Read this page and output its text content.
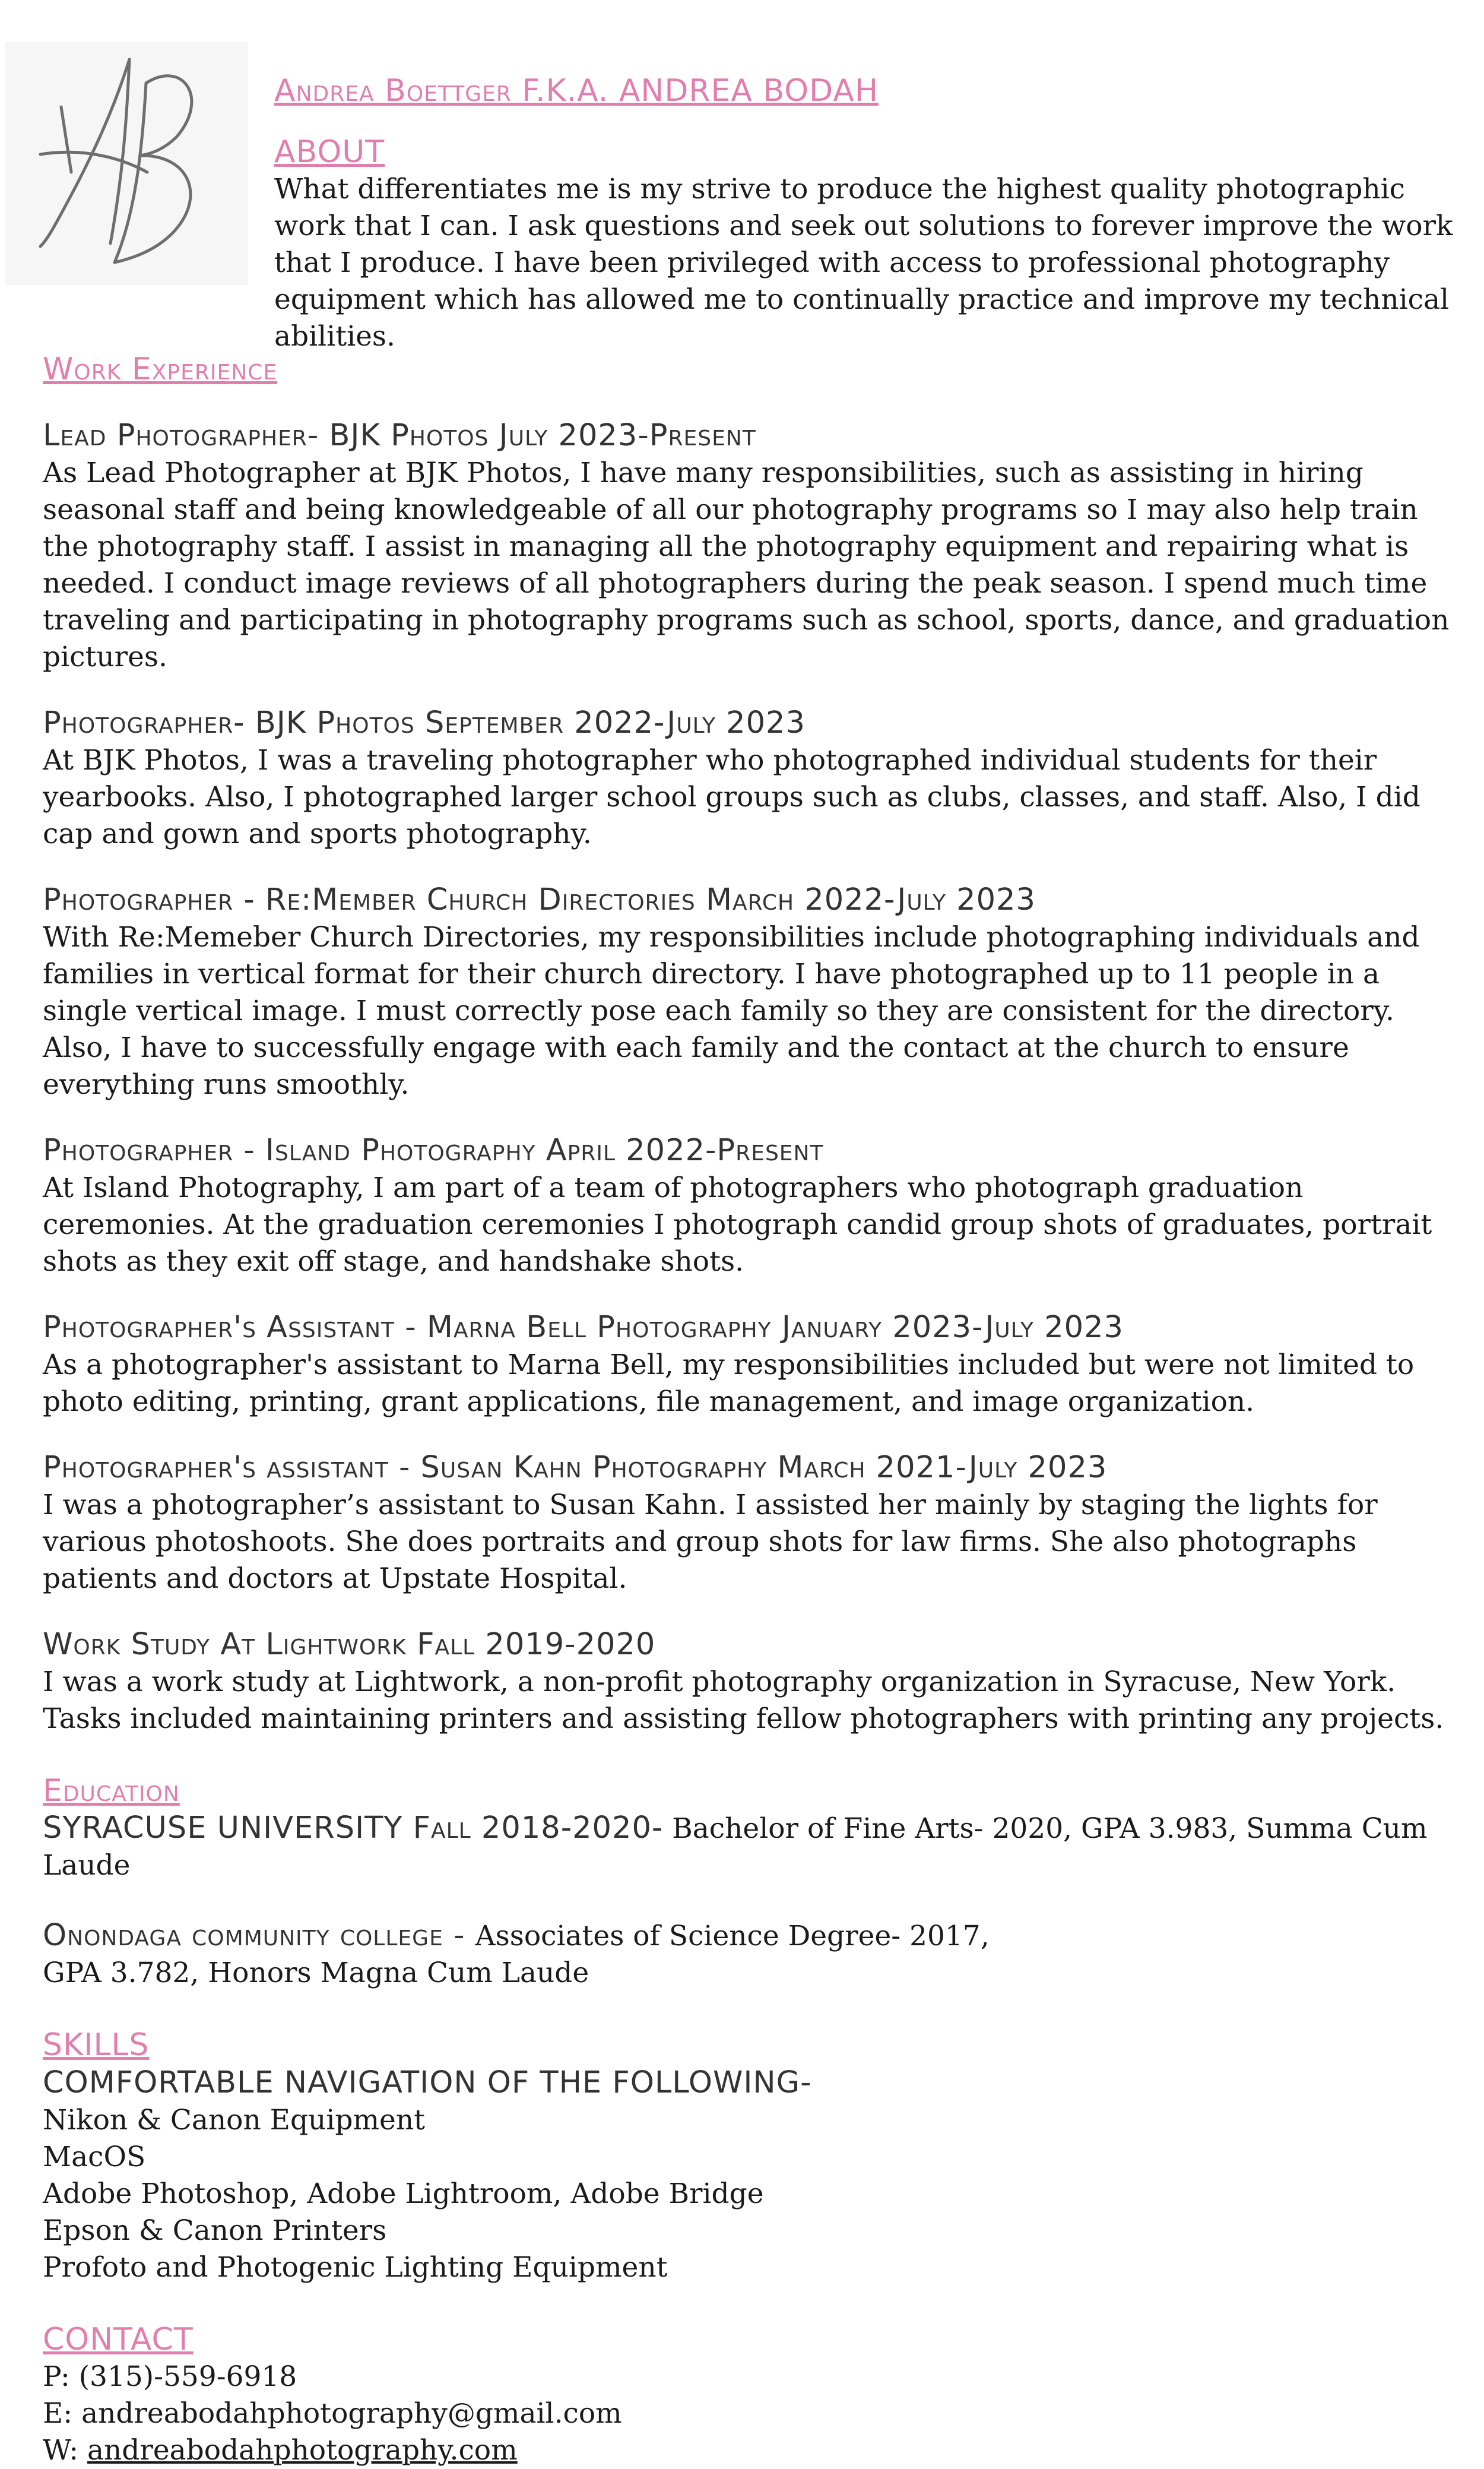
Andrea Boettger F.K.A. ANDREA BODAH
ABOUT
What differentiates me is my strive to produce the highest quality photographic work that I can. I ask questions and seek out solutions to forever improve the work that I produce. I have been privileged with access to professional photography equipment which has allowed me to continually practice and improve my technical abilities.
Work Experience
Lead Photographer- BJK Photos July 2023-Present
As Lead Photographer at BJK Photos, I have many responsibilities, such as assisting in hiring seasonal staff and being knowledgeable of all our photography programs so I may also help train the photography staff. I assist in managing all the photography equipment and repairing what is needed. I conduct image reviews of all photographers during the peak season. I spend much time traveling and participating in photography programs such as school, sports, dance, and graduation pictures.
Photographer- BJK Photos September 2022-July 2023
At BJK Photos, I was a traveling photographer who photographed individual students for their yearbooks. Also, I photographed larger school groups such as clubs, classes, and staff. Also, I did cap and gown and sports photography.
Photographer - Re:Member Church Directories March 2022-July 2023
With Re:Memeber Church Directories, my responsibilities include photographing individuals and families in vertical format for their church directory. I have photographed up to 11 people in a single vertical image. I must correctly pose each family so they are consistent for the directory. Also, I have to successfully engage with each family and the contact at the church to ensure everything runs smoothly.
Photographer - Island Photography April 2022-Present
At Island Photography, I am part of a team of photographers who photograph graduation ceremonies. At the graduation ceremonies I photograph candid group shots of graduates, portrait shots as they exit off stage, and handshake shots.
Photographer's Assistant - Marna Bell Photography January 2023-July 2023
As a photographer's assistant to Marna Bell, my responsibilities included but were not limited to photo editing, printing, grant applications, file management, and image organization.
Photographer's assistant - Susan Kahn Photography March 2021-July 2023
I was a photographer’s assistant to Susan Kahn. I assisted her mainly by staging the lights for various photoshoots. She does portraits and group shots for law firms. She also photographs patients and doctors at Upstate Hospital.
Work Study At Lightwork Fall 2019-2020
I was a work study at Lightwork, a non-profit photography organization in Syracuse, New York. Tasks included maintaining printers and assisting fellow photographers with printing any projects.
Education
SYRACUSE UNIVERSITY Fall 2018-2020- Bachelor of Fine Arts- 2020, GPA 3.983, Summa Cum Laude
Onondaga community college - Associates of Science Degree- 2017,
GPA 3.782, Honors Magna Cum Laude
SKILLS
COMFORTABLE NAVIGATION OF THE FOLLOWING-
Nikon & Canon Equipment
MacOS
Adobe Photoshop, Adobe Lightroom, Adobe Bridge
Epson & Canon Printers
Profoto and Photogenic Lighting Equipment
CONTACT
P: (315)-559-6918
E: andreabodahphotography@gmail.com
W: andreabodahphotography.com
